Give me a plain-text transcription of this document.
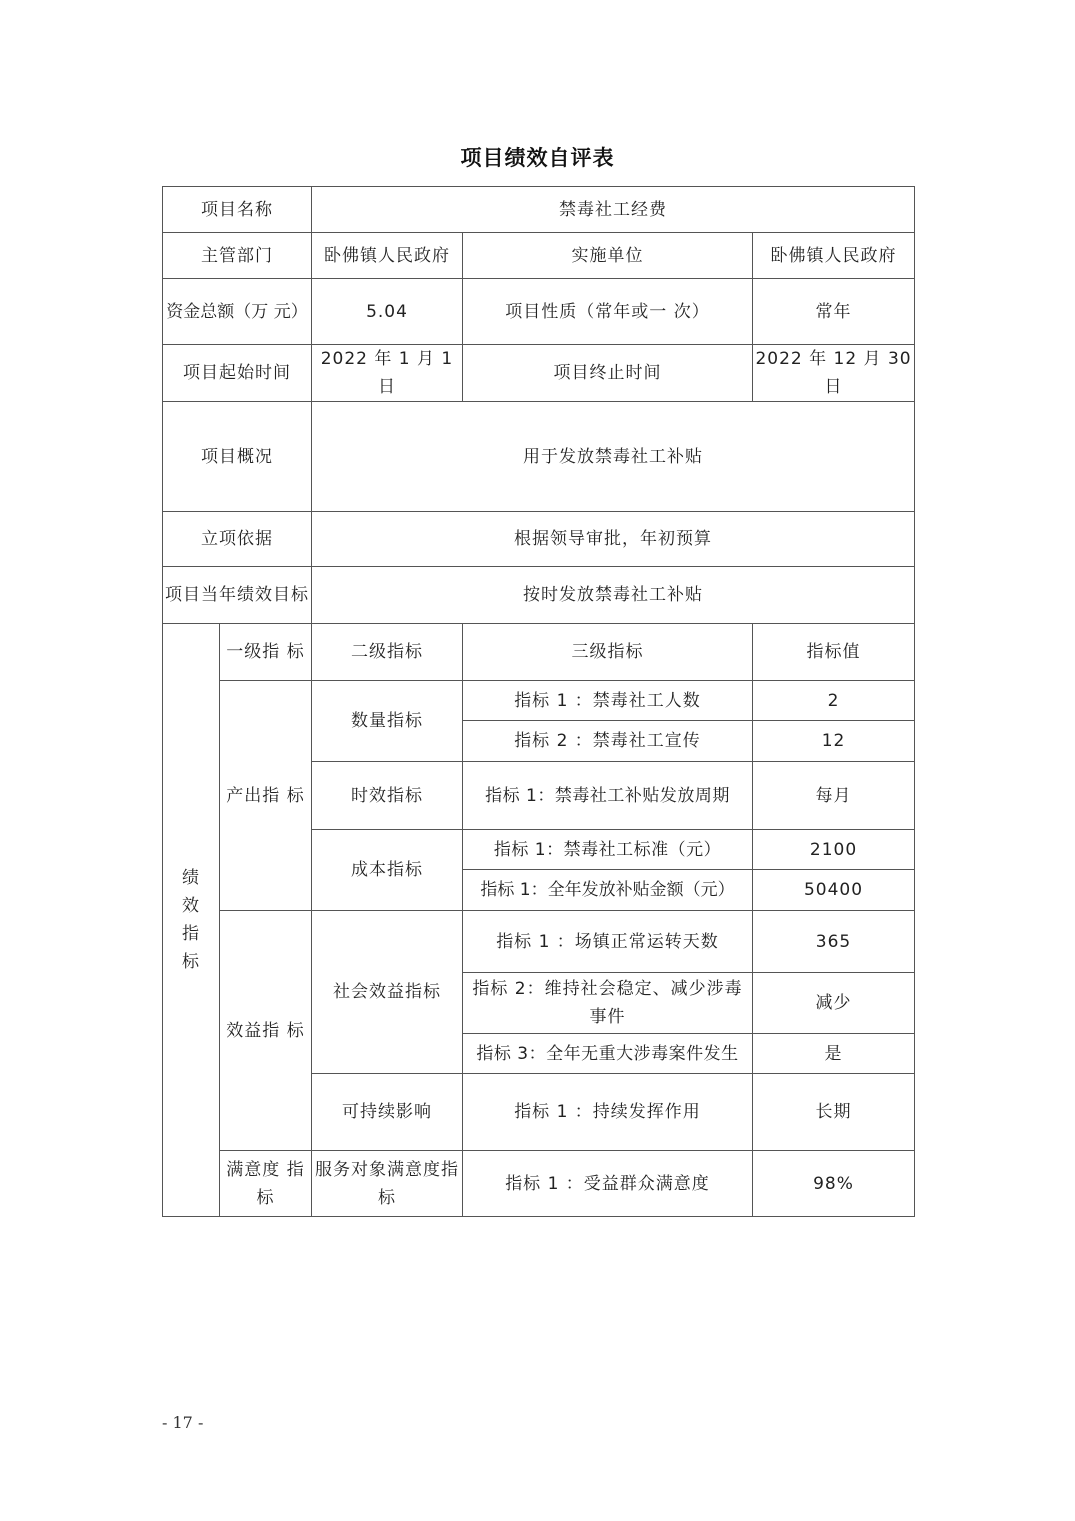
项目绩效自评表
项目名称		禁毒社工经费		
主管部门		卧佛镇人民政府	实施单位	卧佛镇人民政府
资金总额（万 元）		5.04	项目性质（常年或一 次）	常年
项目起始时间		2022 年 1 月 1 日	项目终止时间	2022 年 12 月 30 日
项目概况		用于发放禁毒社工补贴		
立项依据		根据领导审批，年初预算		
项目当年绩效目标		按时发放禁毒社工补贴		
绩效指标	一级指 标	二级指标	三级指标	指标值
	产出指 标	数量指标	指标 1 ：禁毒社工人数	2
			指标 2 ：禁毒社工宣传	12
		时效指标	指标 1：禁毒社工补贴发放周期	每月
		成本指标	指标 1：禁毒社工标准（元）	2100
			指标 1：全年发放补贴金额（元）	50400
	效益指 标	社会效益指标	指标 1 ：场镇正常运转天数	365
			指标 2：维持社会稳定、减少涉毒事件	减少
			指标 3：全年无重大涉毒案件发生	是
		可持续影响	指标 1 ：持续发挥作用	长期
	满意度 指标	服务对象满意度指标	指标 1 ：受益群众满意度	98%
- 17 -
